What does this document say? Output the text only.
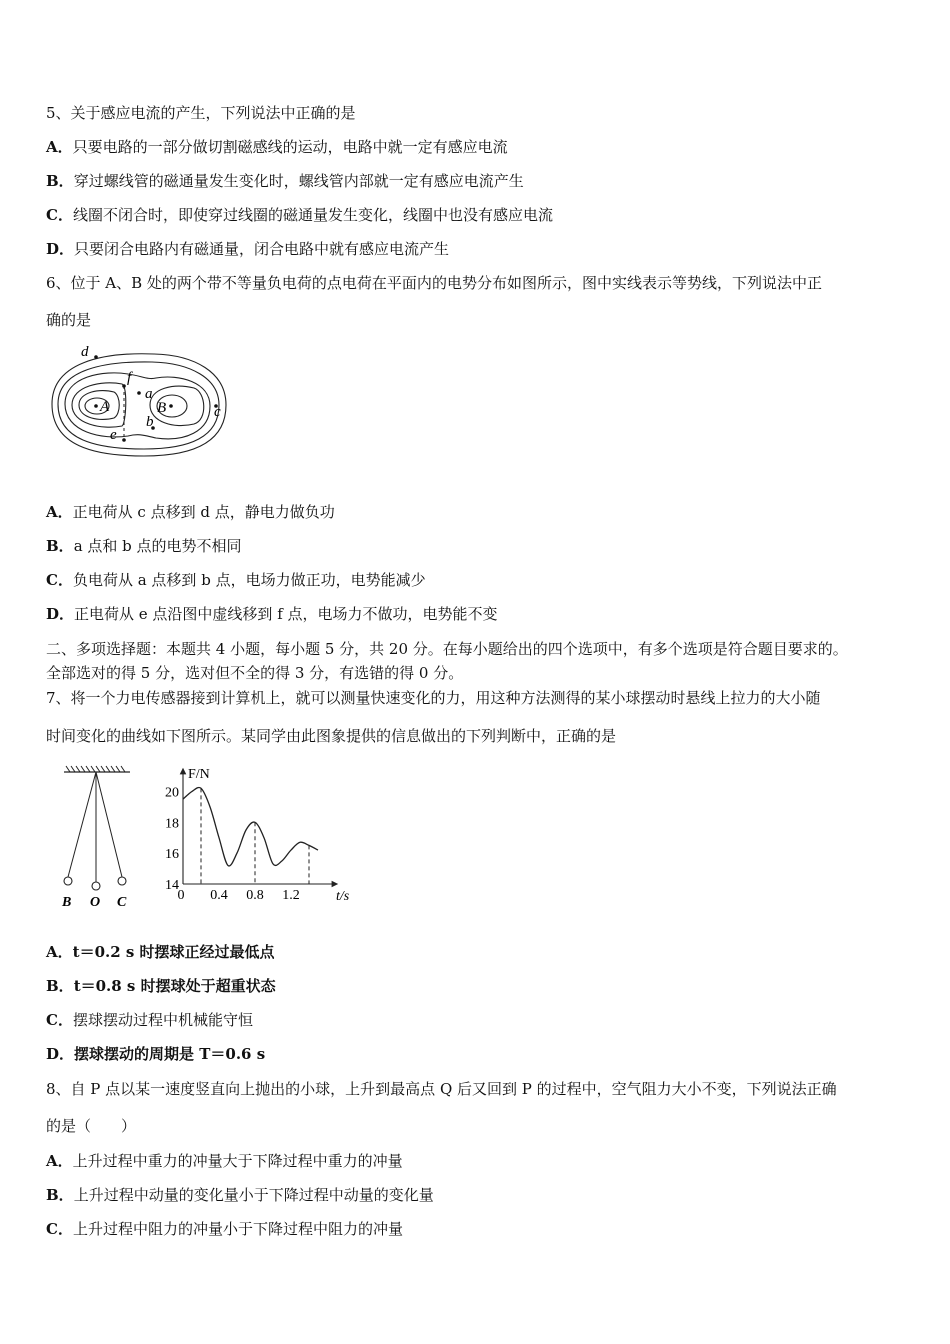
5、关于感应电流的产生，下列说法中正确的是
A．只要电路的一部分做切割磁感线的运动，电路中就一定有感应电流
B．穿过螺线管的磁通量发生变化时，螺线管内部就一定有感应电流产生
C．线圈不闭合时，即使穿过线圈的磁通量发生变化，线圈中也没有感应电流
D．只要闭合电路内有磁通量，闭合电路中就有感应电流产生
6、位于 A、B 处的两个带不等量负电荷的点电荷在平面内的电势分布如图所示，图中实线表示等势线，下列说法中正
确的是
d
f
a
A	B
b
c
e
A．正电荷从 c 点移到 d 点，静电力做负功
B．a 点和 b 点的电势不相同
C．负电荷从 a 点移到 b 点，电场力做正功，电势能减少
D．正电荷从 e 点沿图中虚线移到 f 点，电场力不做功，电势能不变
二、多项选择题：本题共 4 小题，每小题 5 分，共 20 分。在每小题给出的四个选项中，有多个选项是符合题目要求的。
全部选对的得 5 分，选对但不全的得 3 分，有选错的得 0 分。
7、将一个力电传感器接到计算机上，就可以测量快速变化的力，用这种方法测得的某小球摆动时悬线上拉力的大小随
时间变化的曲线如下图所示。某同学由此图象提供的信息做出的下列判断中，正确的是
B O C
F/N
t/s
14
16
18
20
0 0.4 0.8 1.2
A．t＝0.2 s 时摆球正经过最低点
B．t＝0.8 s 时摆球处于超重状态
C．摆球摆动过程中机械能守恒
D．摆球摆动的周期是 T＝0.6 s
8、自 P 点以某一速度竖直向上抛出的小球，上升到最高点 Q 后又回到 P 的过程中，空气阻力大小不变，下列说法正确
的是（　　）
A．上升过程中重力的冲量大于下降过程中重力的冲量
B．上升过程中动量的变化量小于下降过程中动量的变化量
C．上升过程中阻力的冲量小于下降过程中阻力的冲量
